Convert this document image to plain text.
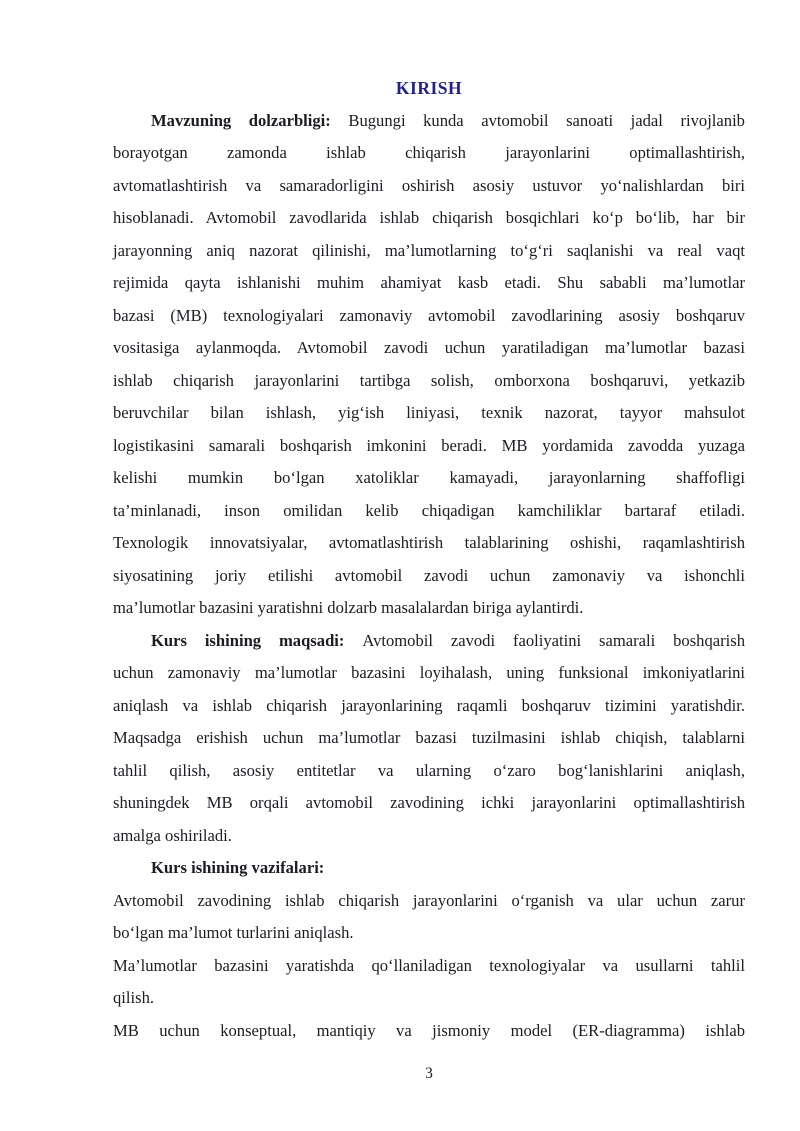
KIRISH
Mavzuning dolzarbligi: Bugungi kunda avtomobil sanoati jadal rivojlanib
borayotgan zamonda ishlab chiqarish jarayonlarini optimallashtirish,
avtomatlashtirish va samaradorligini oshirish asosiy ustuvor yoʻnalishlardan biri
hisoblanadi. Avtomobil zavodlarida ishlab chiqarish bosqichlari koʻp boʻlib, har bir
jarayonning aniq nazorat qilinishi, ma’lumotlarning toʻgʻri saqlanishi va real vaqt
rejimida qayta ishlanishi muhim ahamiyat kasb etadi. Shu sababli ma’lumotlar
bazasi (MB) texnologiyalari zamonaviy avtomobil zavodlarining asosiy boshqaruv
vositasiga aylanmoqda. Avtomobil zavodi uchun yaratiladigan ma’lumotlar bazasi
ishlab chiqarish jarayonlarini tartibga solish, omborxona boshqaruvi, yetkazib
beruvchilar bilan ishlash, yigʻish liniyasi, texnik nazorat, tayyor mahsulot
logistikasini samarali boshqarish imkonini beradi. MB yordamida zavodda yuzaga
kelishi mumkin boʻlgan xatoliklar kamayadi, jarayonlarning shaffofligi
ta’minlanadi, inson omilidan kelib chiqadigan kamchiliklar bartaraf etiladi.
Texnologik innovatsiyalar, avtomatlashtirish talablarining oshishi, raqamlashtirish
siyosatining joriy etilishi avtomobil zavodi uchun zamonaviy va ishonchli
ma’lumotlar bazasini yaratishni dolzarb masalalardan biriga aylantirdi.
Kurs ishining maqsadi: Avtomobil zavodi faoliyatini samarali boshqarish
uchun zamonaviy ma’lumotlar bazasini loyihalash, uning funksional imkoniyatlarini
aniqlash va ishlab chiqarish jarayonlarining raqamli boshqaruv tizimini yaratishdir.
Maqsadga erishish uchun ma’lumotlar bazasi tuzilmasini ishlab chiqish, talablarni
tahlil qilish, asosiy entitetlar va ularning oʻzaro bogʻlanishlarini aniqlash,
shuningdek MB orqali avtomobil zavodining ichki jarayonlarini optimallashtirish
amalga oshiriladi.
Kurs ishining vazifalari:
Avtomobil zavodining ishlab chiqarish jarayonlarini oʻrganish va ular uchun zarur
boʻlgan ma’lumot turlarini aniqlash.
Ma’lumotlar bazasini yaratishda qoʻllaniladigan texnologiyalar va usullarni tahlil
qilish.
MB uchun konseptual, mantiqiy va jismoniy model (ER-diagramma) ishlab
3
